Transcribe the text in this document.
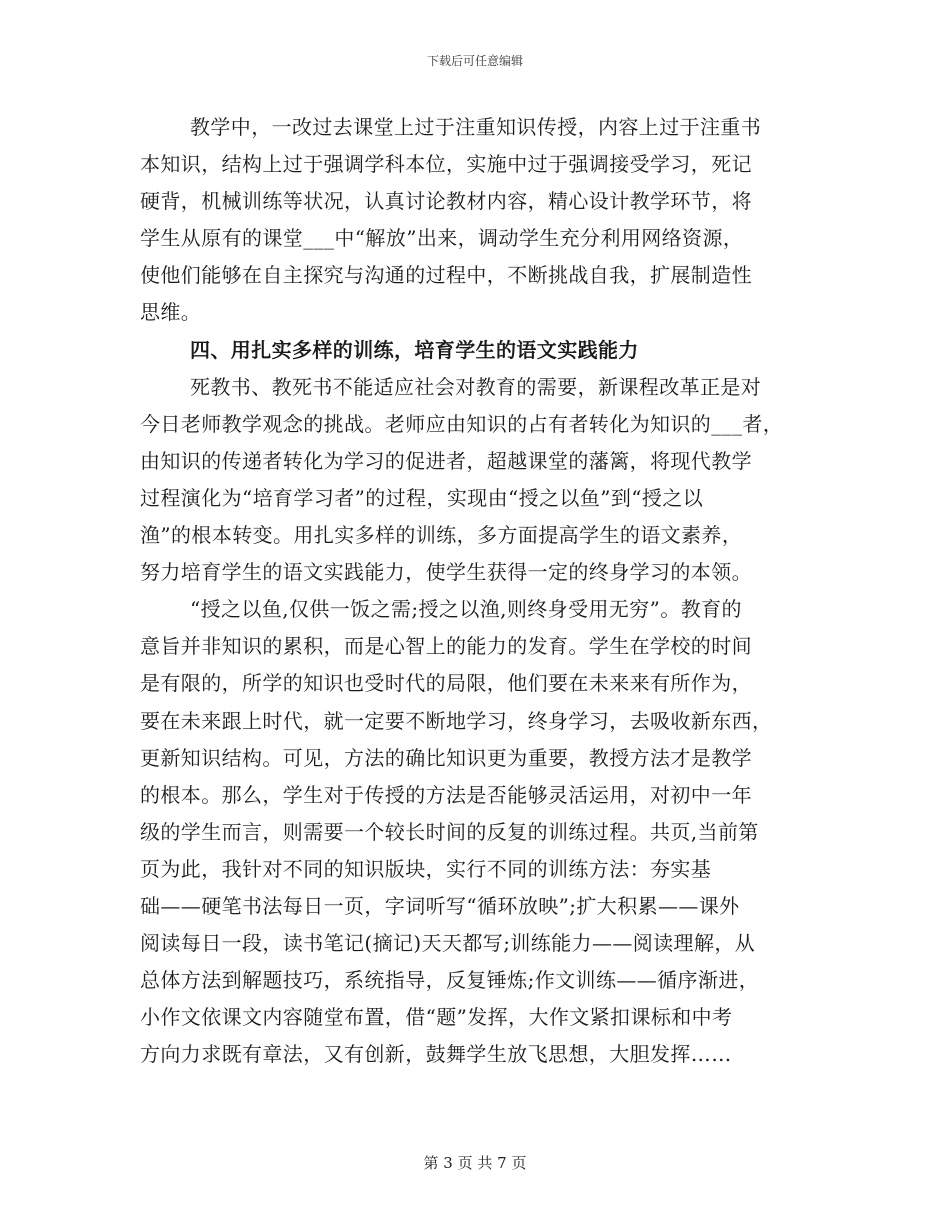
下载后可任意编辑
教学中，一改过去课堂上过于注重知识传授，内容上过于注重书
本知识，结构上过于强调学科本位，实施中过于强调接受学习，死记
硬背，机械训练等状况，认真讨论教材内容，精心设计教学环节，将
学生从原有的课堂___中“解放”出来，调动学生充分利用网络资源，
使他们能够在自主探究与沟通的过程中，不断挑战自我，扩展制造性
思维。
四、用扎实多样的训练，培育学生的语文实践能力
死教书、教死书不能适应社会对教育的需要，新课程改革正是对
今日老师教学观念的挑战。老师应由知识的占有者转化为知识的___者，
由知识的传递者转化为学习的促进者，超越课堂的藩篱，将现代教学
过程演化为“培育学习者”的过程，实现由“授之以鱼”到“授之以
渔”的根本转变。用扎实多样的训练，多方面提高学生的语文素养，
努力培育学生的语文实践能力，使学生获得一定的终身学习的本领。
“授之以鱼,仅供一饭之需;授之以渔,则终身受用无穷”。教育的
意旨并非知识的累积，而是心智上的能力的发育。学生在学校的时间
是有限的，所学的知识也受时代的局限，他们要在未来来有所作为，
要在未来跟上时代，就一定要不断地学习，终身学习，去吸收新东西，
更新知识结构。可见，方法的确比知识更为重要，教授方法才是教学
的根本。那么，学生对于传授的方法是否能够灵活运用，对初中一年
级的学生而言，则需要一个较长时间的反复的训练过程。共页,当前第
页为此，我针对不同的知识版块，实行不同的训练方法：夯实基
础——硬笔书法每日一页，字词听写“循环放映”;扩大积累——课外
阅读每日一段，读书笔记(摘记)天天都写;训练能力——阅读理解，从
总体方法到解题技巧，系统指导，反复锤炼;作文训练——循序渐进，
小作文依课文内容随堂布置，借“题”发挥，大作文紧扣课标和中考
方向力求既有章法，又有创新，鼓舞学生放飞思想，大胆发挥……
第 3 页 共 7 页
